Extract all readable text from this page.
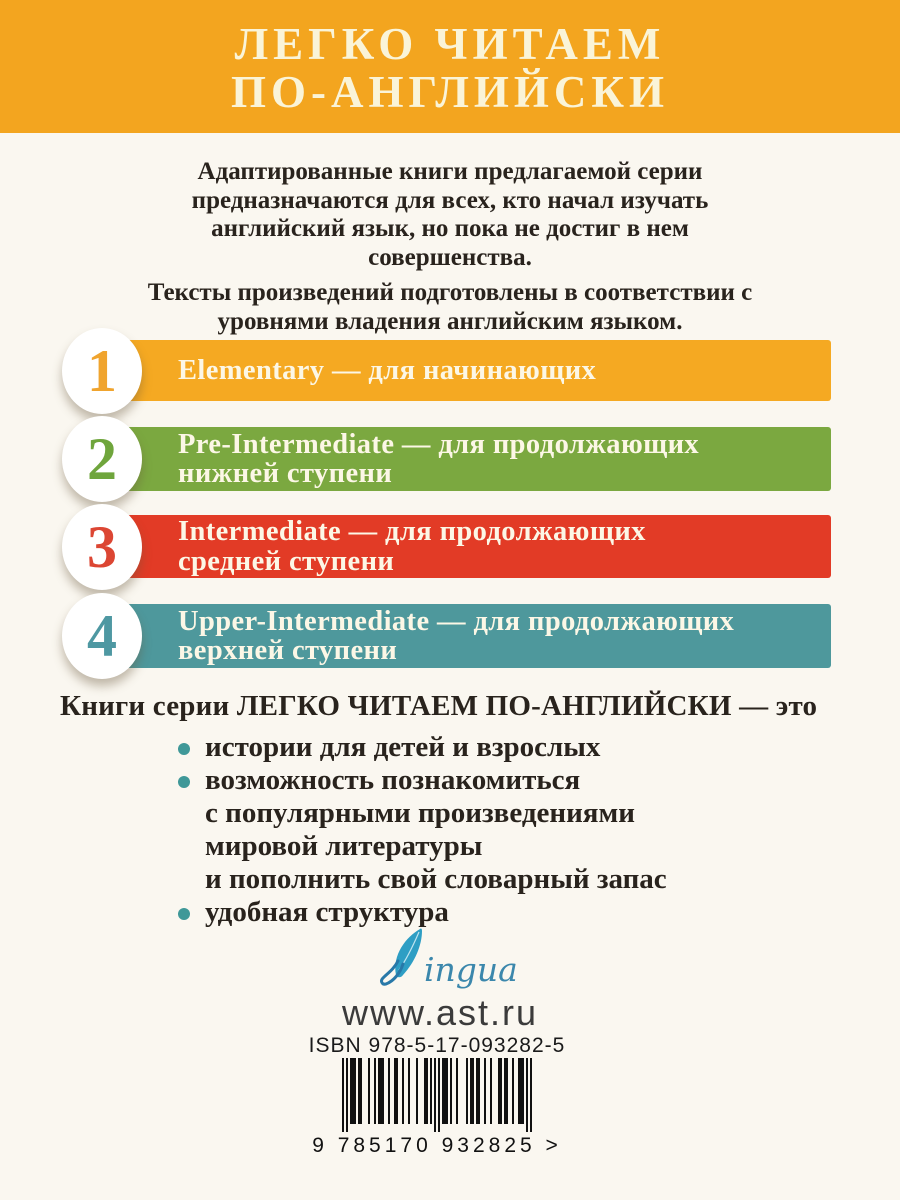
ЛЕГКО ЧИТАЕМ
ПО-АНГЛИЙСКИ

Адаптированные книги предлагаемой серии предназначаются для всех, кто начал изучать английский язык, но пока не достиг в нем совершенства.

Тексты произведений подготовлены в соответствии с уровнями владения английским языком.

Elementary — для начинающих
1
Pre-Intermediate — для продолжающих
нижней ступени
2
Intermediate — для продолжающих
средней ступени
3
Upper-Intermediate — для продолжающих
верхней ступени
4

Книги серии ЛЕГКО ЧИТАЕМ ПО-АНГЛИЙСКИ — это

истории для детей и взрослых
возможность познакомиться
с популярными произведениями
мировой литературы
и пополнить свой словарный запас
удобная структура
ingua
www.ast.ru
ISBN 978-5-17-093282-5
9 785170 932825 >
